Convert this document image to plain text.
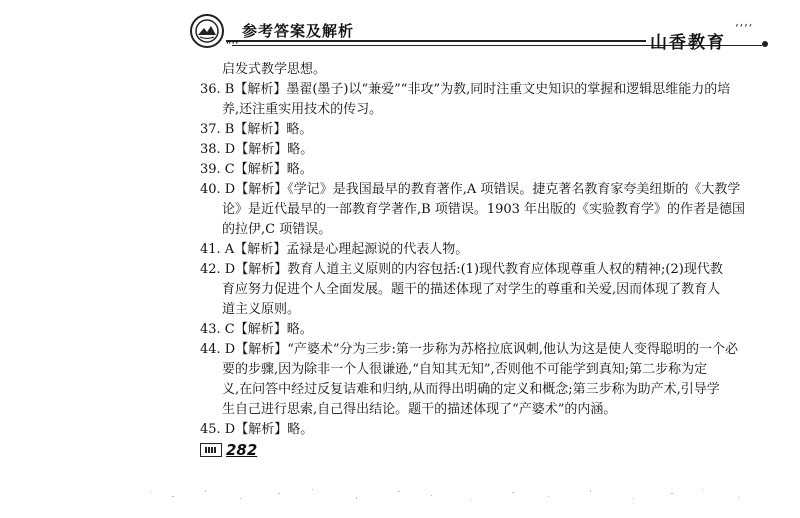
参考答案及解析
“‘‘	山香教育
‘‘‘‘
启发式教学思想。
36. B【解析】墨翟(墨子)以“兼爱”“非攻”为教,同时注重文史知识的掌握和逻辑思维能力的培
养,还注重实用技术的传习。
37. B【解析】略。
38. D【解析】略。
39. C【解析】略。
40. D【解析】《学记》是我国最早的教育著作,A 项错误。捷克著名教育家夸美纽斯的《大教学
论》是近代最早的一部教育学著作,B 项错误。1903 年出版的《实验教育学》的作者是德国
的拉伊,C 项错误。
41. A【解析】孟禄是心理起源说的代表人物。
42. D【解析】教育人道主义原则的内容包括:(1)现代教育应体现尊重人权的精神;(2)现代教
育应努力促进个人全面发展。题干的描述体现了对学生的尊重和关爱,因而体现了教育人
道主义原则。
43. C【解析】略。
44. D【解析】“产婆术”分为三步:第一步称为苏格拉底讽刺,他认为这是使人变得聪明的一个必
要的步骤,因为除非一个人很谦逊,“自知其无知”,否则他不可能学到真知;第二步称为定
义,在问答中经过反复诘难和归纳,从而得出明确的定义和概念;第三步称为助产术,引导学
生自己进行思索,自己得出结论。题干的描述体现了“产婆术”的内涵。
45. D【解析】略。
282
